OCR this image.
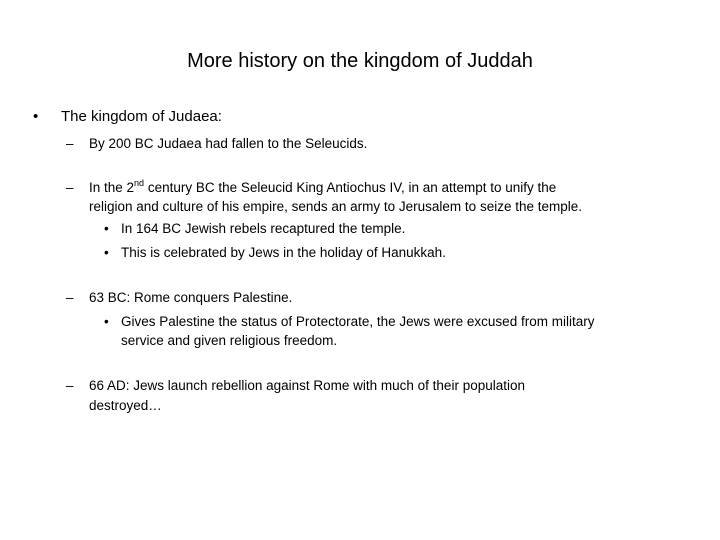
More history on the kingdom of Juddah
• The kingdom of Judaea:
– By 200 BC Judaea had fallen to the Seleucids.
– In the 2nd century BC the Seleucid King Antiochus IV, in an attempt to unify the
religion and culture of his empire, sends an army to Jerusalem to seize the temple.
• In 164 BC Jewish rebels recaptured the temple.
• This is celebrated by Jews in the holiday of Hanukkah.
– 63 BC: Rome conquers Palestine.
• Gives Palestine the status of Protectorate, the Jews were excused from military
service and given religious freedom.
– 66 AD: Jews launch rebellion against Rome with much of their population
destroyed…
